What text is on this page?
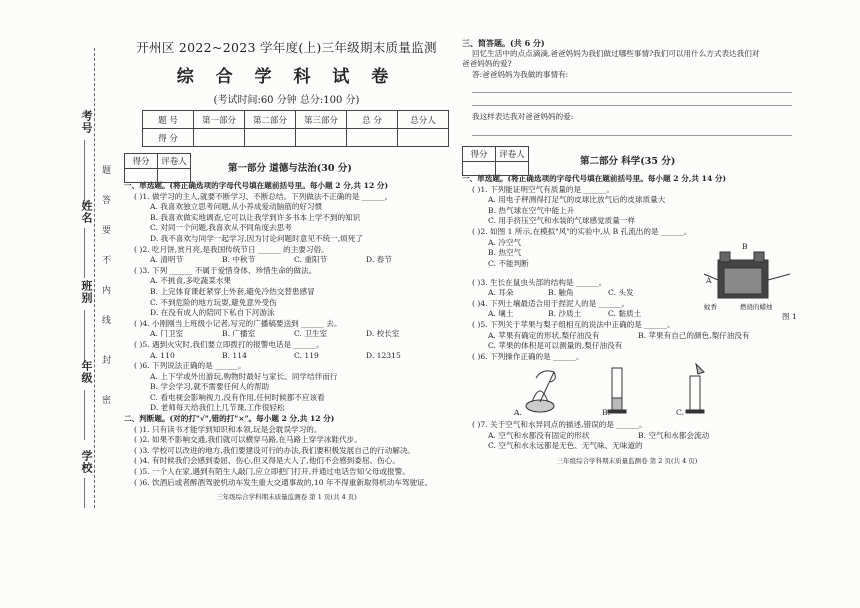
考号
姓名
班别
年级
学校
题
答
要
不
内
线
封
密
开州区 2022~2023 学年度(上)三年级期末质量监测
综 合 学 科 试 卷
(考试时间:60 分钟 总分:100 分)
题 号	第一部分	第二部分	第三部分	总 分	总分人
得 分					
得分	评卷人

第一部分 道德与法治(30 分)
一、单选题。(将正确选项的字母代号填在题前括号里。每小题 2 分,共 12 分)
( )1. 做学习的主人,就要不断学习、不断总结。下列做法不正确的是 ______。
A. 我喜欢独立思考问题,从小养成爱动脑筋的好习惯
B. 我喜欢做实地调查,它可以让我学到许多书本上学不到的知识
C. 对同一个问题,我喜欢从不同角度去思考
D. 我不喜欢与同学一起学习,因为讨论问题时意见不统一,烦死了
( )2. 吃月饼,赏月亮,是我国传统节日 ______ 的主要习俗。
A. 清明节	B. 中秋节	C. 重阳节	D. 春节
( )3. 下列 ______ 不属于爱惜身体、珍惜生命的做法。
A. 不挑食,多吃蔬菜水果
B. 上完体育课赶紧穿上外套,避免冷热交替患感冒
C. 不到危险的地方玩耍,避免意外受伤
D. 在没有成人的陪同下私自下河游泳
( )4. 小刚刚当上班级小记者,写完的广播稿要送到 ______ 去。
A. 门卫室	B. 广播室	C. 卫生室	D. 校长室
( )5. 遇到火灾时,我们要立即拨打的报警电话是 ______。
A. 110	B. 114	C. 119	D. 12315
( )6. 下列说法正确的是 ______。
A. 上下学或外出游玩,购物时最好与家长、同学结伴而行
B. 学会学习,就不需要任何人的帮助
C. 看电视会影响视力,没有作用,任何时候都不应该看
D. 老师每天给我们上几节课,工作很轻松
二、判断题。(对的打"√",错的打"×"。每小题 2 分,共 12 分)
( )1. 只有读书才能学到知识和本领,玩是会耽误学习的。
( )2. 如果不影响交通,我们就可以横穿马路,在马路上穿学冰鞋代步。
( )3. 学校可以改进的地方,我们要建设可行的办法,我们要积极发展自己的行动解决。
( )4. 有时候我们会感到委屈、伤心,但又得是大人了,他们不会感到委屈、伤心。
( )5. 一个人在家,遇到有陌生人敲门,应立即把门打开,并通过电话告知父母或报警。
( )6. 饮酒后或者醉酒驾驶机动车发生重大交通事故的,10 年不得重新取得机动车驾驶证。
三年级综合学科期末质量监测卷 第 1 页(共 4 页)
三、简答题。(共 6 分)
回忆生活中的点点滴滴,爸爸妈妈为我们做过哪些事情?我们可以用什么方式表达我们对
爸爸妈妈的爱?
答:爸爸妈妈为我做的事情有:
我这样表达我对爸爸妈妈的爱:
得分	评卷人

第二部分 科学(35 分)
一、单选题。(将正确选项的字母代号填在题前括号里。每小题 2 分,共 14 分)
( )1. 下列能证明空气有质量的是 ______。
A. 用电子秤测得打足气的皮球比放气后的皮球质量大
B. 热气球在空气中能上升
C. 用手挤压空气和水装的气球感觉质量一样
( )2. 如图 1 所示,在模拟"风"的实验中,从 B 孔流出的是 ______。
A. 冷空气
B. 热空气
C. 不能判断
( )3. 生长在鼠虫头部的结构是 ______。
A. 耳朵	B. 触角	C. 头发
( )4. 下列土壤最适合用于捏泥人的是 ______。
A. 壤土	B. 沙质土	C. 黏质土
( )5. 下列关于苹果与梨子组相互的说法中正确的是 ______。
A. 苹果有确定的形状,梨仔油没有	B. 苹果有自己的颜色,梨仔油没有
C. 苹果的体积是可以测量的,梨仔油没有
( )6. 下列操作正确的是 ______。
A.	B.	C.
( )7. 关于空气和水异同点的描述,错误的是 ______。
A. 空气和水都没有固定的形状	B. 空气和水都会流动
C. 空气和水永远都是无色、无气味、无味道的
三年级综合学科期末质量监测卷 第 2 页(共 4 页)
A
B
蚊香	燃烧的蜡烛
图 1
